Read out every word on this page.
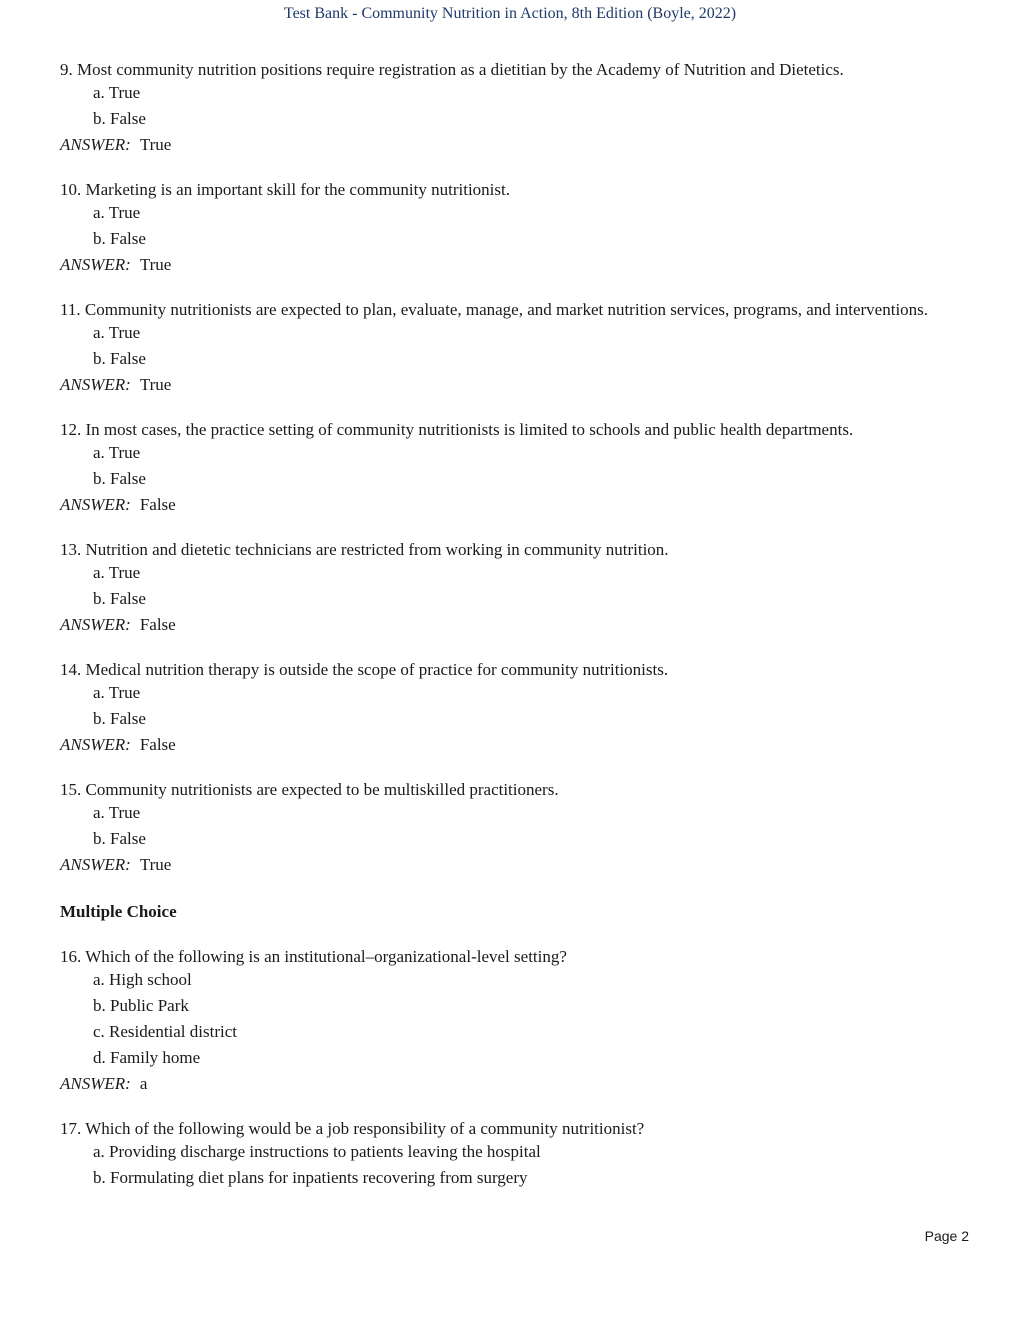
Test Bank - Community Nutrition in Action, 8th Edition (Boyle, 2022)
9. Most community nutrition positions require registration as a dietitian by the Academy of Nutrition and Dietetics.
a. True
b. False
ANSWER: True
10. Marketing is an important skill for the community nutritionist.
a. True
b. False
ANSWER: True
11. Community nutritionists are expected to plan, evaluate, manage, and market nutrition services, programs, and interventions.
a. True
b. False
ANSWER: True
12. In most cases, the practice setting of community nutritionists is limited to schools and public health departments.
a. True
b. False
ANSWER: False
13. Nutrition and dietetic technicians are restricted from working in community nutrition.
a. True
b. False
ANSWER: False
14. Medical nutrition therapy is outside the scope of practice for community nutritionists.
a. True
b. False
ANSWER: False
15. Community nutritionists are expected to be multiskilled practitioners.
a. True
b. False
ANSWER: True
Multiple Choice
16. Which of the following is an institutional–organizational-level setting?
a. High school
b. Public Park
c. Residential district
d. Family home
ANSWER: a
17. Which of the following would be a job responsibility of a community nutritionist?
a. Providing discharge instructions to patients leaving the hospital
b. Formulating diet plans for inpatients recovering from surgery
Page 2
